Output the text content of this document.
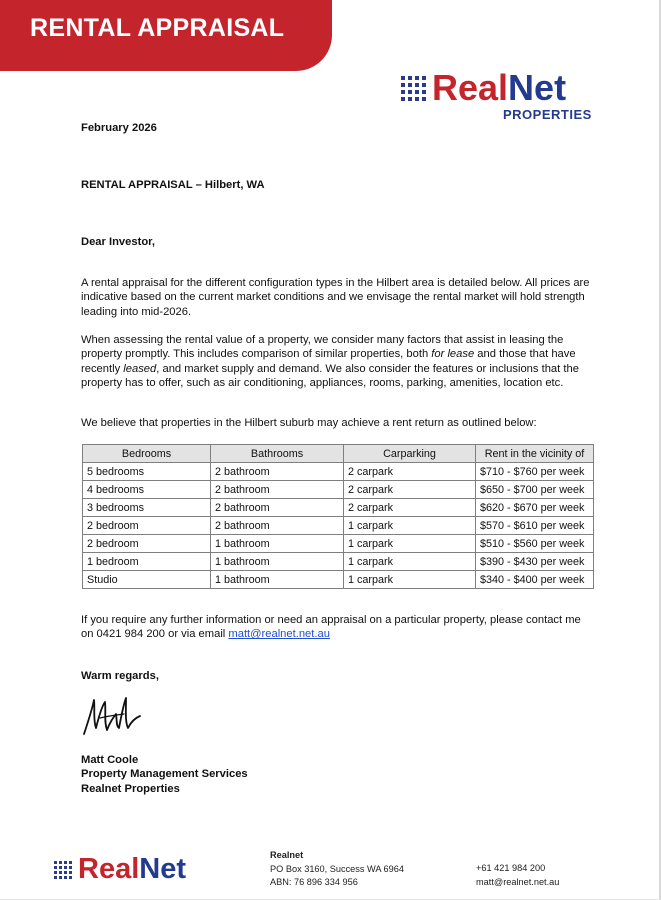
RENTAL APPRAISAL
RealNet
PROPERTIES
February 2026
RENTAL APPRAISAL – Hilbert, WA
Dear Investor,
A rental appraisal for the different configuration types in the Hilbert area is detailed below. All prices are indicative based on the current market conditions and we envisage the rental market will hold strength leading into mid-2026.
When assessing the rental value of a property, we consider many factors that assist in leasing the property promptly. This includes comparison of similar properties, both for lease and those that have recently leased, and market supply and demand. We also consider the features or inclusions that the property has to offer, such as air conditioning, appliances, rooms, parking, amenities, location etc.
We believe that properties in the Hilbert suburb may achieve a rent return as outlined below:
Bedrooms	Bathrooms	Carparking	Rent in the vicinity of
5 bedrooms	2 bathroom	2 carpark	$710 - $760 per week
4 bedrooms	2 bathroom	2 carpark	$650 - $700 per week
3 bedrooms	2 bathroom	2 carpark	$620 - $670 per week
2 bedroom	2 bathroom	1 carpark	$570 - $610 per week
2 bedroom	1 bathroom	1 carpark	$510 - $560 per week
1 bedroom	1 bathroom	1 carpark	$390 - $430 per week
Studio	1 bathroom	1 carpark	$340 - $400 per week
If you require any further information or need an appraisal on a particular property, please contact me on 0421 984 200 or via email matt@realnet.net.au
Warm regards,
Matt Coole
Property Management Services
Realnet Properties
RealNet	Realnet
PO Box 3160, Success WA 6964
ABN: 76 896 334 956
+61 421 984 200
matt@realnet.net.au
